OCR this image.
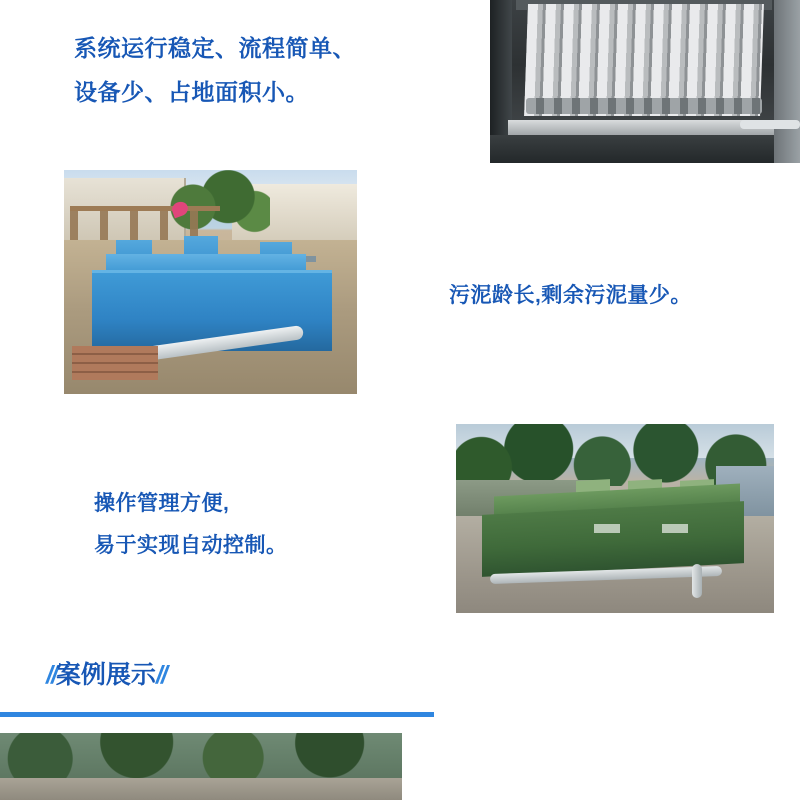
系统运行稳定、流程简单、
设备少、占地面积小。
污泥龄长,剩余污泥量少。
操作管理方便,
易于实现自动控制。
//案例展示//
